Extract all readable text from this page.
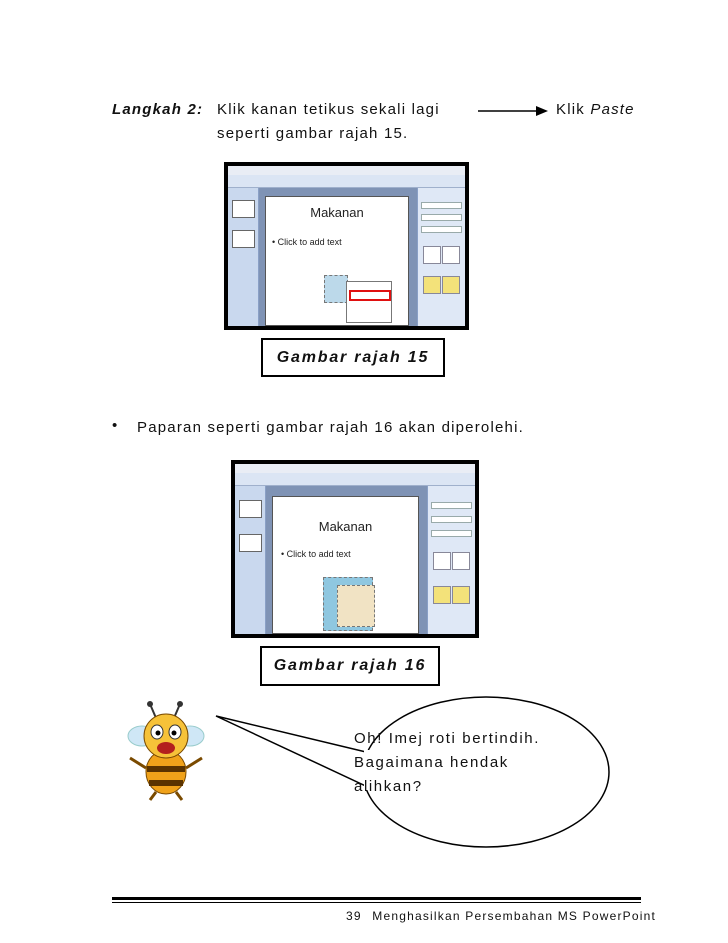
Langkah 2: Klik kanan tetikus sekali lagi
seperti gambar rajah 15.
Klik Paste
Makanan
• Click to add text
Gambar rajah 15
• Paparan seperti gambar rajah 16 akan diperolehi.
Makanan
• Click to add text
Gambar rajah 16
Oh! Imej roti bertindih.
Bagaimana hendak
alihkan?
39 Menghasilkan Persembahan MS PowerPoint
